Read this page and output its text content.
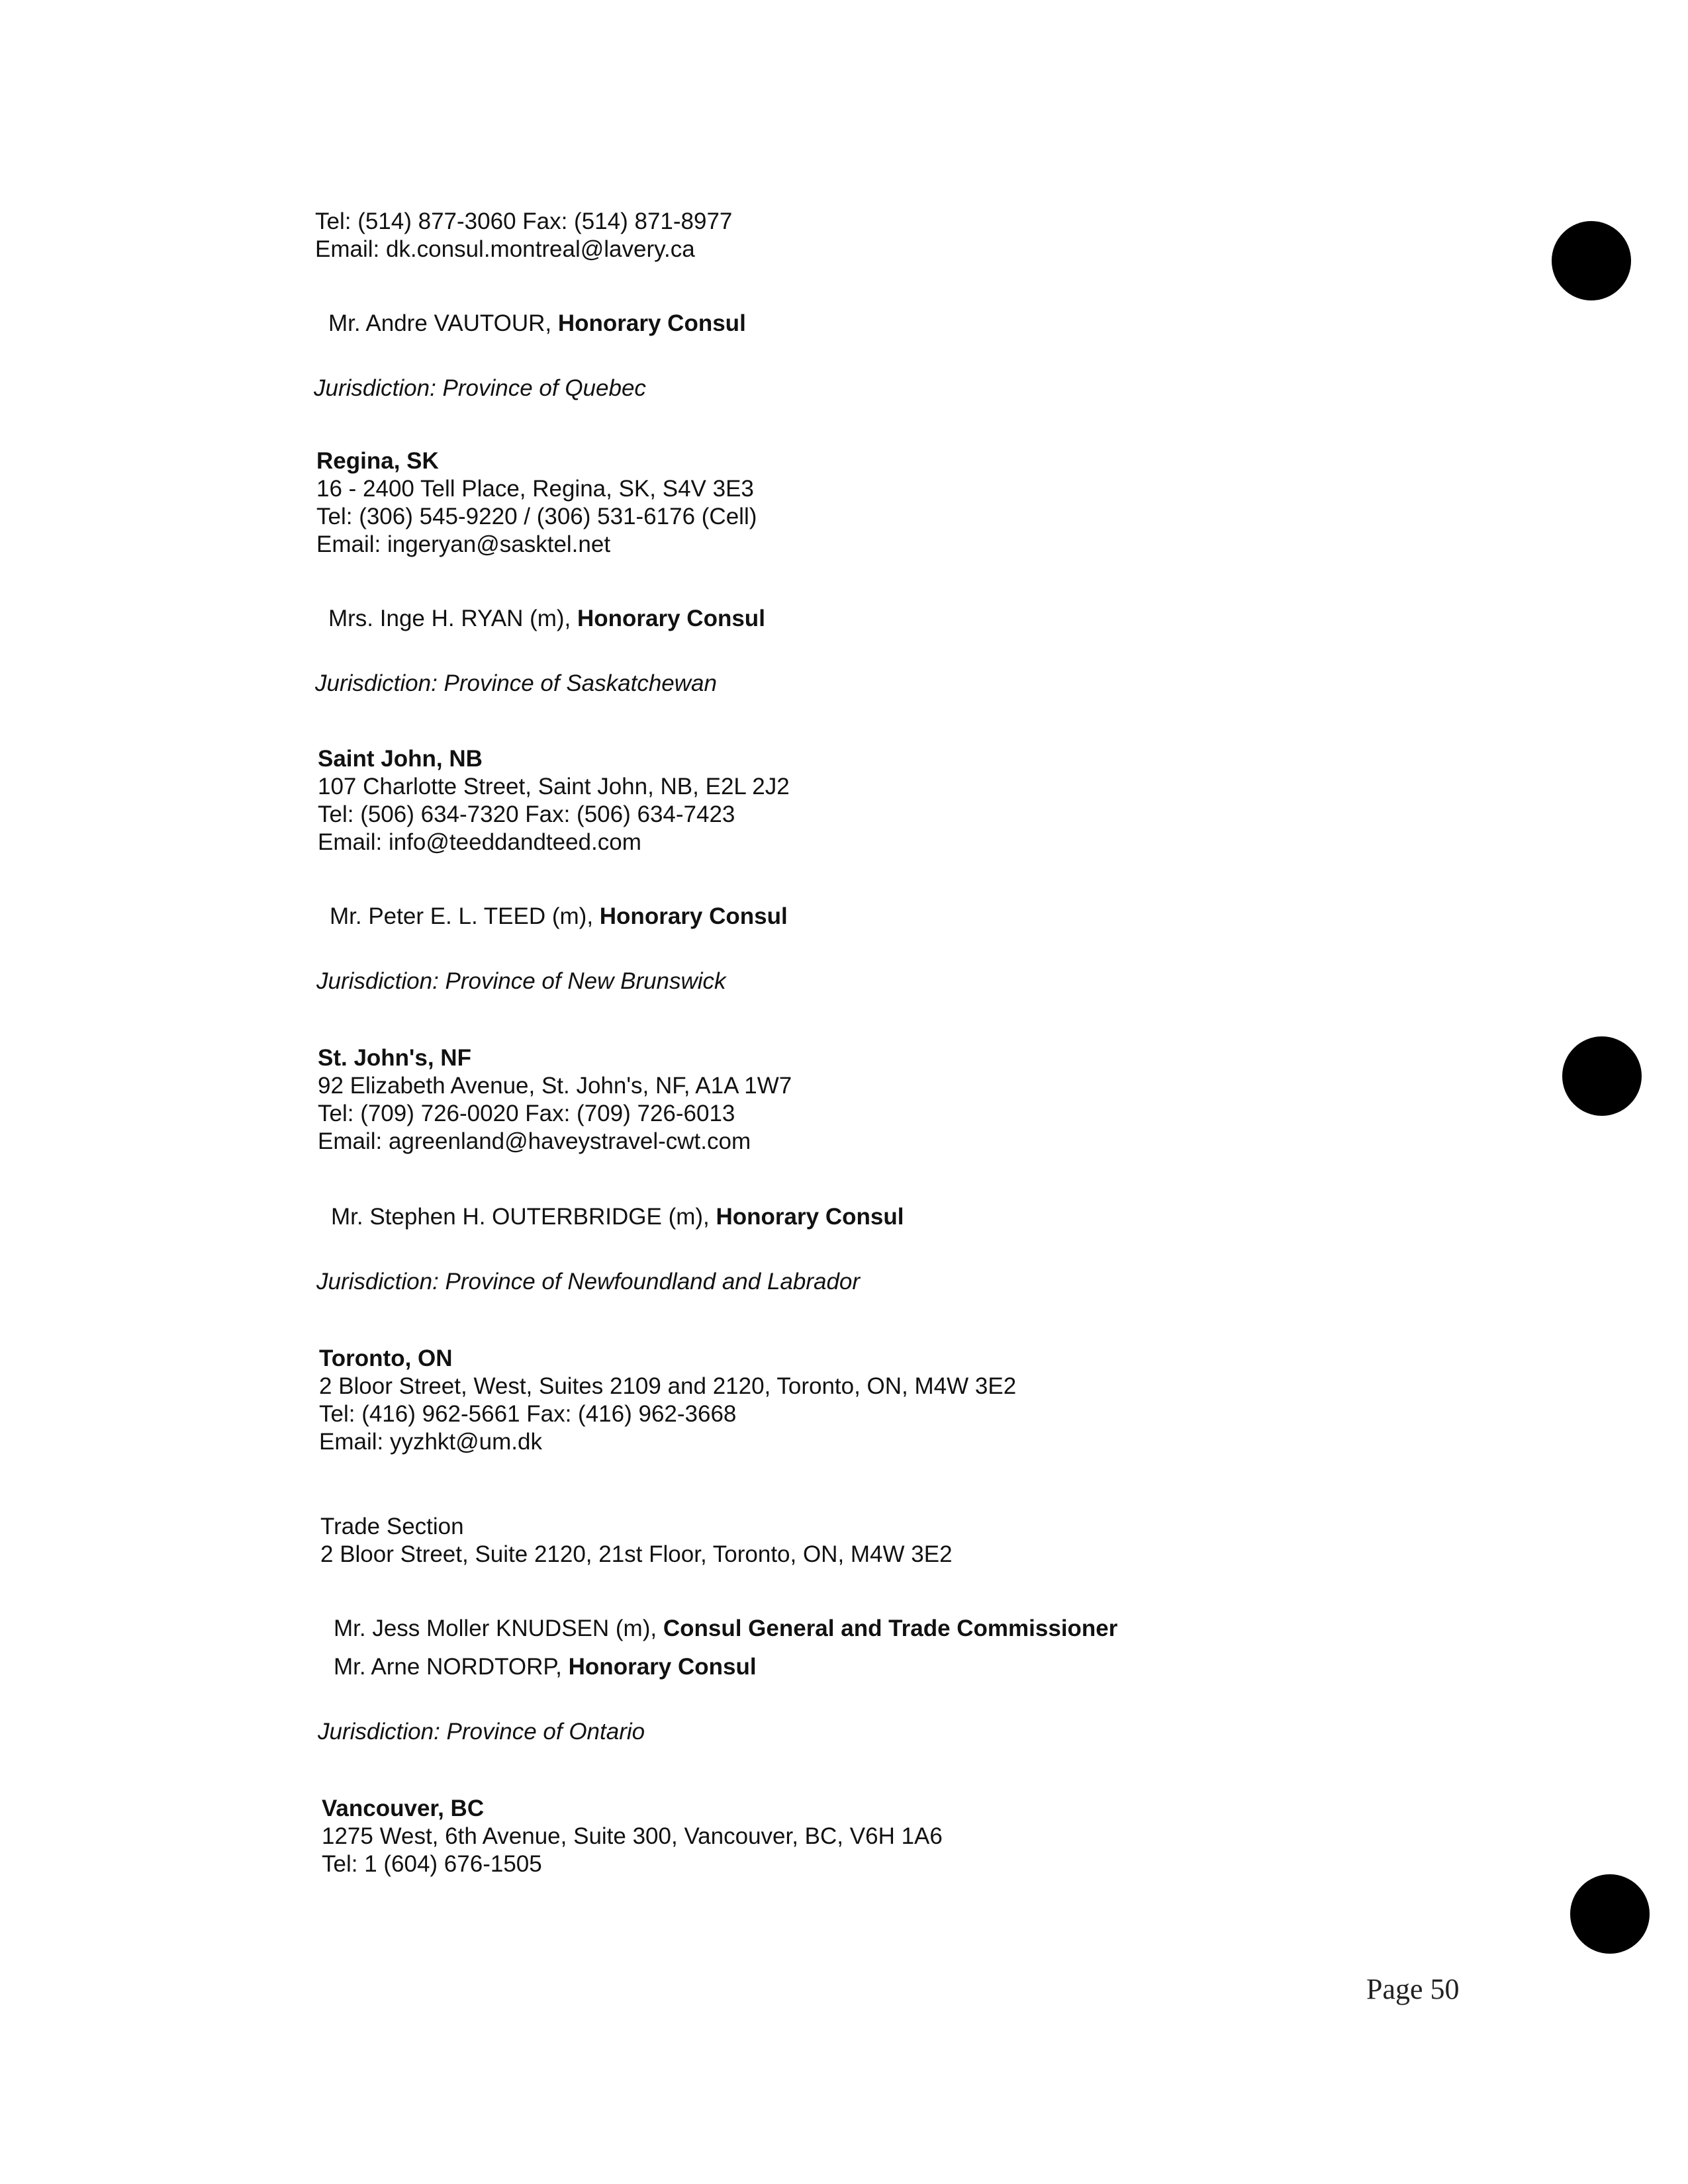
Tel: (514) 877-3060 Fax: (514) 871-8977
Email: dk.consul.montreal@lavery.ca
Mr. Andre VAUTOUR, Honorary Consul
Jurisdiction: Province of Quebec
Regina, SK
16 - 2400 Tell Place, Regina, SK, S4V 3E3
Tel: (306) 545-9220 / (306) 531-6176 (Cell)
Email: ingeryan@sasktel.net
Mrs. Inge H. RYAN (m), Honorary Consul
Jurisdiction: Province of Saskatchewan
Saint John, NB
107 Charlotte Street, Saint John, NB, E2L 2J2
Tel: (506) 634-7320 Fax: (506) 634-7423
Email: info@teeddandteed.com
Mr. Peter E. L. TEED (m), Honorary Consul
Jurisdiction: Province of New Brunswick
St. John's, NF
92 Elizabeth Avenue, St. John's, NF, A1A 1W7
Tel: (709) 726-0020 Fax: (709) 726-6013
Email: agreenland@haveystravel-cwt.com
Mr. Stephen H. OUTERBRIDGE (m), Honorary Consul
Jurisdiction: Province of Newfoundland and Labrador
Toronto, ON
2 Bloor Street, West, Suites 2109 and 2120, Toronto, ON, M4W 3E2
Tel: (416) 962-5661 Fax: (416) 962-3668
Email: yyzhkt@um.dk
Trade Section
2 Bloor Street, Suite 2120, 21st Floor, Toronto, ON, M4W 3E2
Mr. Jess Moller KNUDSEN (m), Consul General and Trade Commissioner
Mr. Arne NORDTORP, Honorary Consul
Jurisdiction: Province of Ontario
Vancouver, BC
1275 West, 6th Avenue, Suite 300, Vancouver, BC, V6H 1A6
Tel: 1 (604) 676-1505
Page 50
